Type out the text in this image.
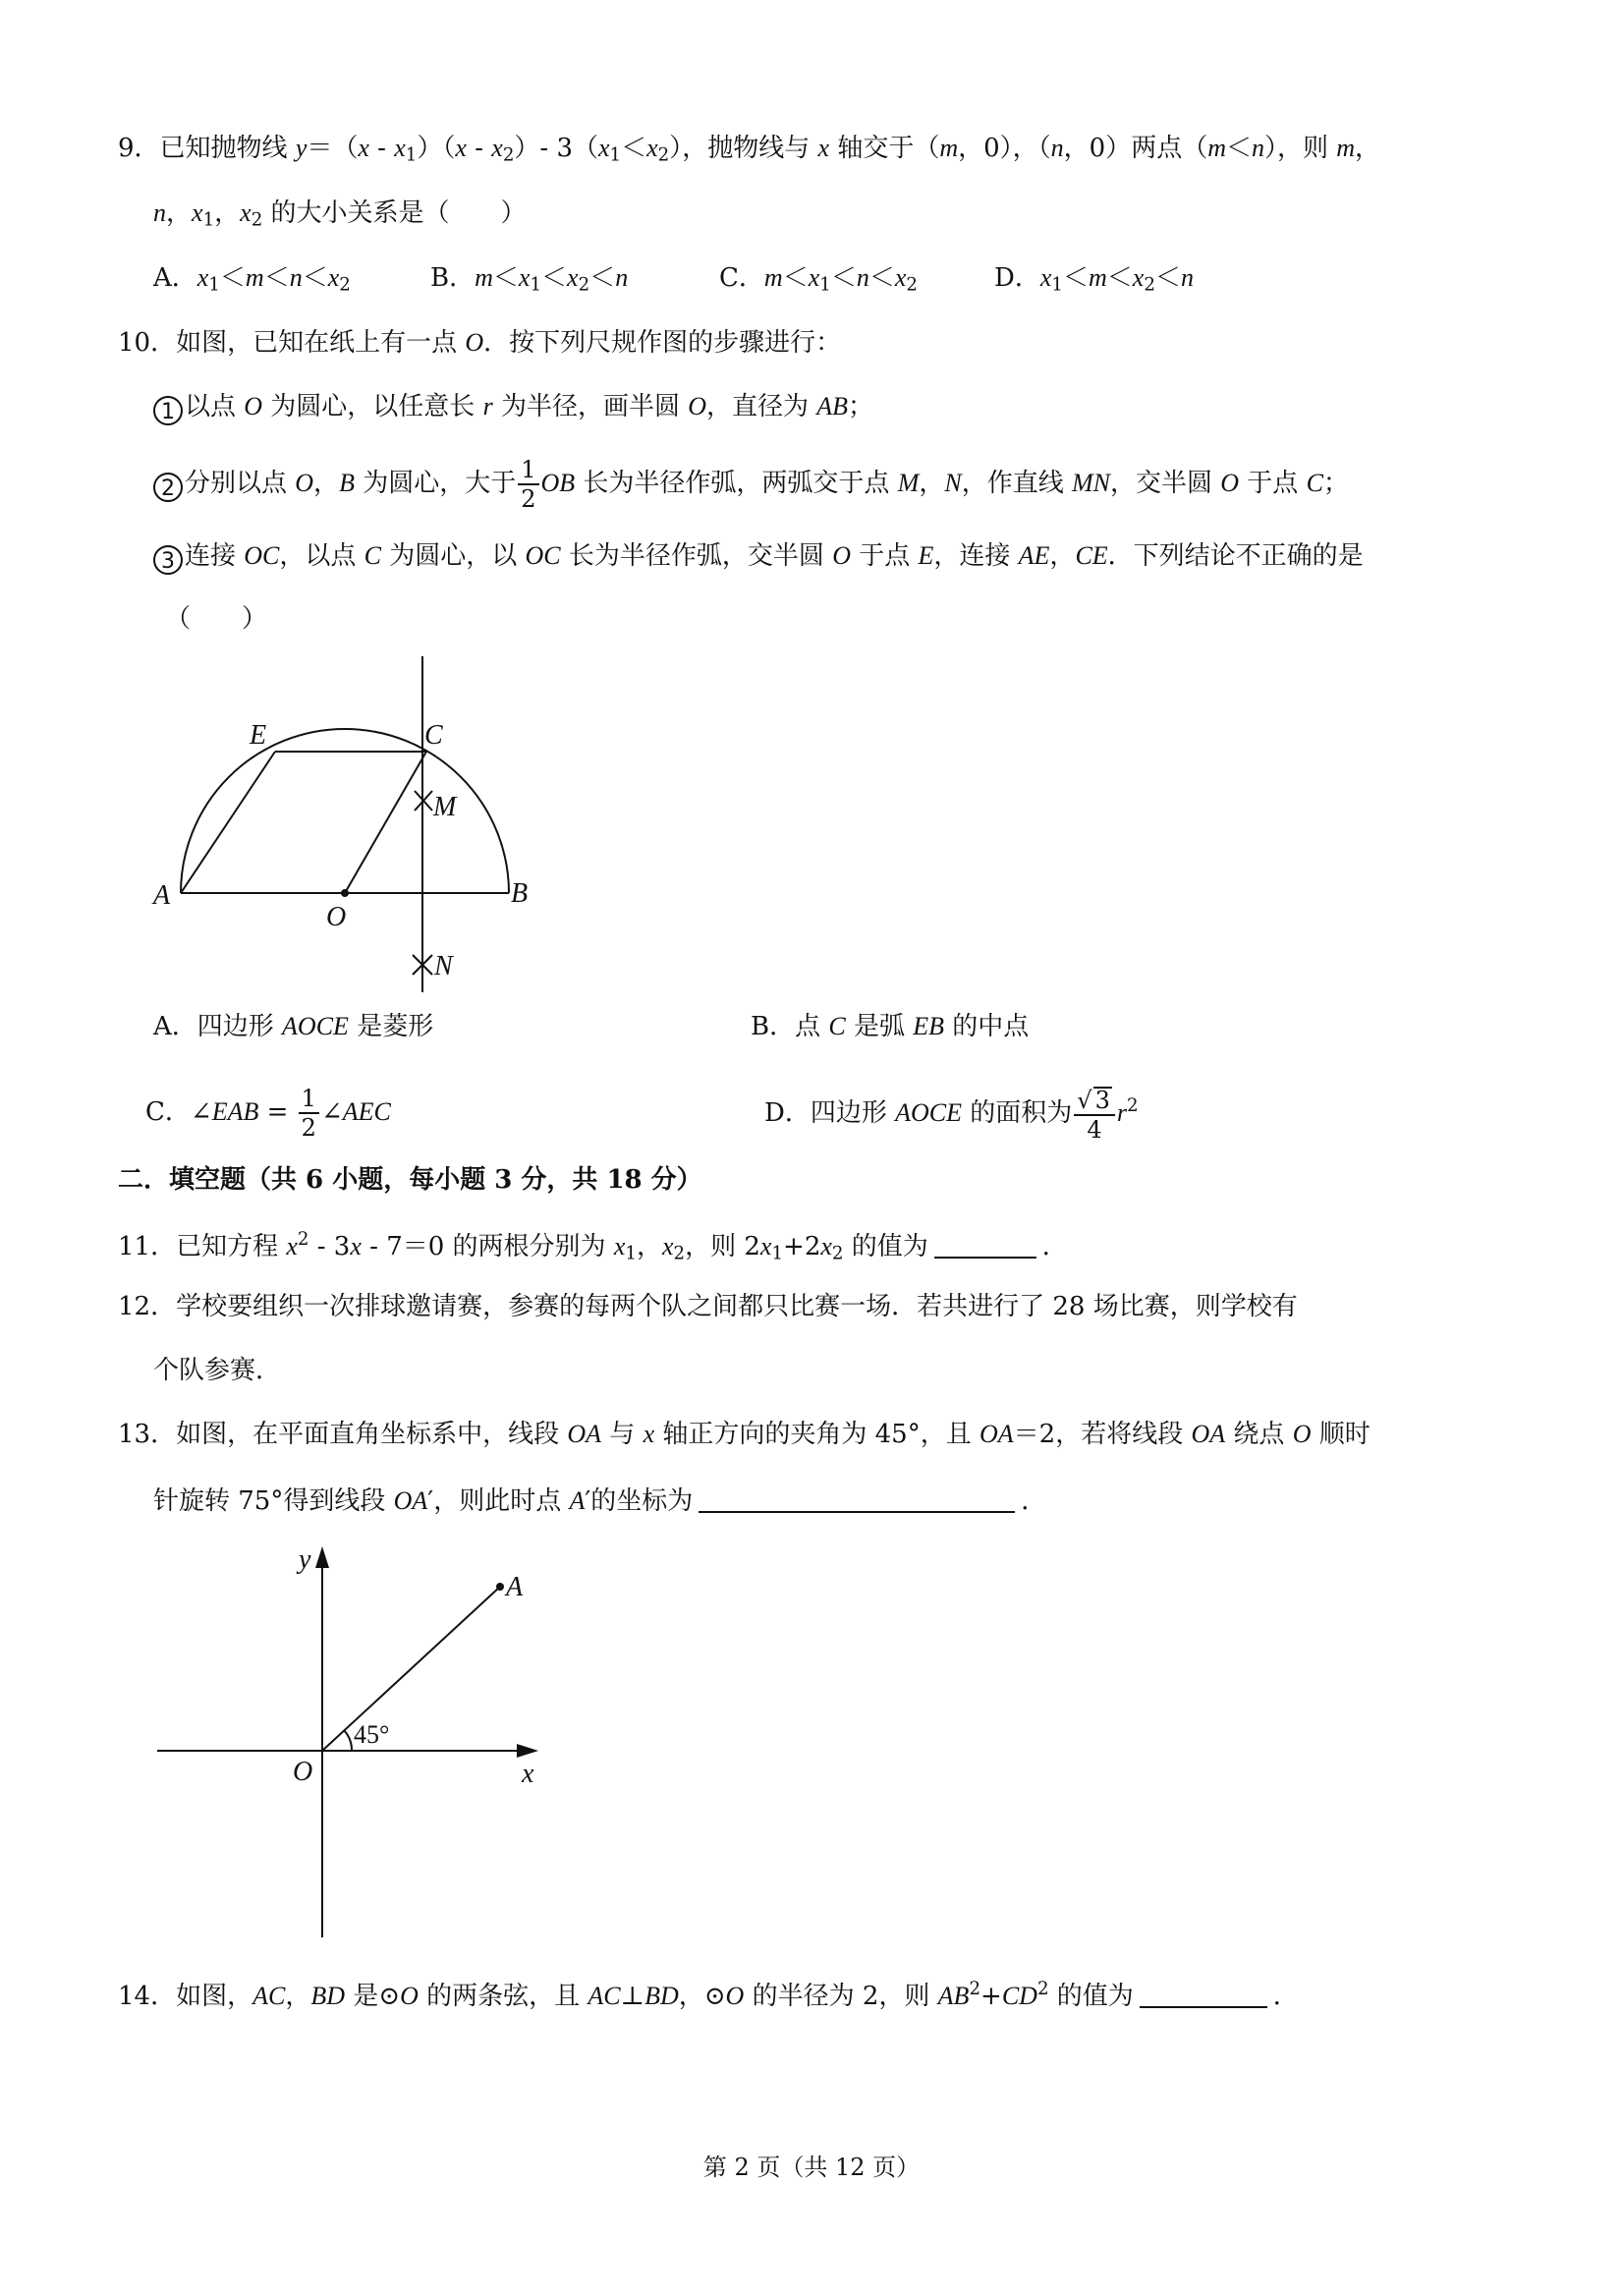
9．已知抛物线 $y=(x - x_1)(x - x_2)-$ $3(x_1<x_2)$，抛物线与 x 轴交于（m，0），（n，0）两点（m＜n），则 m，
n，$x_1$，$x_2$ 的大小关系是（　　）
A．$x_1<m<n<x_2$	B．$m<x_1<x_2<n$	C．$m<x_1<n<x_2$	D．$x_1<m<x_2<n$
10．如图，已知在纸上有一点 O．按下列尺规作图的步骤进行：
1 以点 O 为圆心，以任意长 r 为半径，画半圆 O，直径为 AB；
2 分别以点 O，B 为圆心，大于 $\frac{1}{2}$ OB 长为半径作弧，两弧交于点 M，N，作直线 MN，交半圆 O 于点 C；
3 连接 OC，以点 C 为圆心，以 OC 长为半径作弧，交半圆 O 于点 E，连接 AE，CE．下列结论不正确的是
（　　）
E	C
M
A
O
B
N
A．四边形 AOCE 是菱形	B．点 C 是弧 EB 的中点
C．∠EAB = $\frac{1}{2}$ ∠AEC	D．四边形 AOCE 的面积为 $\frac{√ 3}{4} r^2$
二．填空题（共 6 小题，每小题 3 分，共 18 分）
11．已知方程 $x^2 - 3x - 7=0$ 的两根分别为 $x_1$，$x_2$，则 $2x_1+2x_2$ 的值为	．
12．学校要组织一次排球邀请赛，参赛的每两个队之间都只比赛一场．若共进行了 28 场比赛，则学校有
个队参赛．
13．如图，在平面直角坐标系中，线段 OA 与 x 轴正方向的夹角为 45°，且 OA＝2，若将线段 OA 绕点 O 顺时
针旋转 75°得到线段 OA′，则此时点 A′的坐标为	．
y
A
45°
O	x
14．如图，AC，BD 是⊙O 的两条弦，且 AC⊥BD，⊙O 的半径为 2，则 $AB^2+CD^2$ 的值为	．
第 2 页（共 12 页）
